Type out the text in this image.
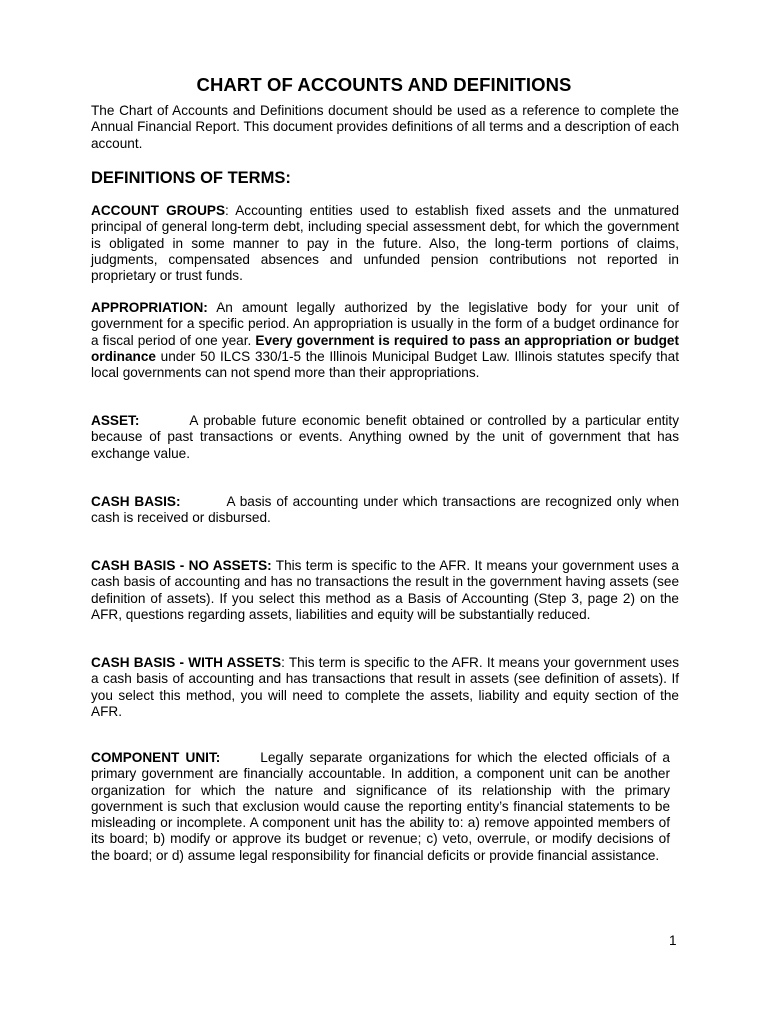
CHART OF ACCOUNTS AND DEFINITIONS
The Chart of Accounts and Definitions document should be used as a reference to complete the Annual Financial Report. This document provides definitions of all terms and a description of each account.
DEFINITIONS OF TERMS:
ACCOUNT GROUPS: Accounting entities used to establish fixed assets and the unmatured principal of general long-term debt, including special assessment debt, for which the government is obligated in some manner to pay in the future. Also, the long-term portions of claims, judgments, compensated absences and unfunded pension contributions not reported in proprietary or trust funds.
APPROPRIATION: An amount legally authorized by the legislative body for your unit of government for a specific period. An appropriation is usually in the form of a budget ordinance for a fiscal period of one year. Every government is required to pass an appropriation or budget ordinance under 50 ILCS 330/1-5 the Illinois Municipal Budget Law. Illinois statutes specify that local governments can not spend more than their appropriations.
ASSET:	A probable future economic benefit obtained or controlled by a particular entity because of past transactions or events. Anything owned by the unit of government that has exchange value.
CASH BASIS:	A basis of accounting under which transactions are recognized only when cash is received or disbursed.
CASH BASIS - NO ASSETS: This term is specific to the AFR. It means your government uses a cash basis of accounting and has no transactions the result in the government having assets (see definition of assets). If you select this method as a Basis of Accounting (Step 3, page 2) on the AFR, questions regarding assets, liabilities and equity will be substantially reduced.
CASH BASIS - WITH ASSETS: This term is specific to the AFR. It means your government uses a cash basis of accounting and has transactions that result in assets (see definition of assets). If you select this method, you will need to complete the assets, liability and equity section of the AFR.
COMPONENT UNIT:	Legally separate organizations for which the elected officials of a primary government are financially accountable. In addition, a component unit can be another organization for which the nature and significance of its relationship with the primary government is such that exclusion would cause the reporting entity’s financial statements to be misleading or incomplete. A component unit has the ability to: a) remove appointed members of its board; b) modify or approve its budget or revenue; c) veto, overrule, or modify decisions of the board; or d) assume legal responsibility for financial deficits or provide financial assistance.
1
